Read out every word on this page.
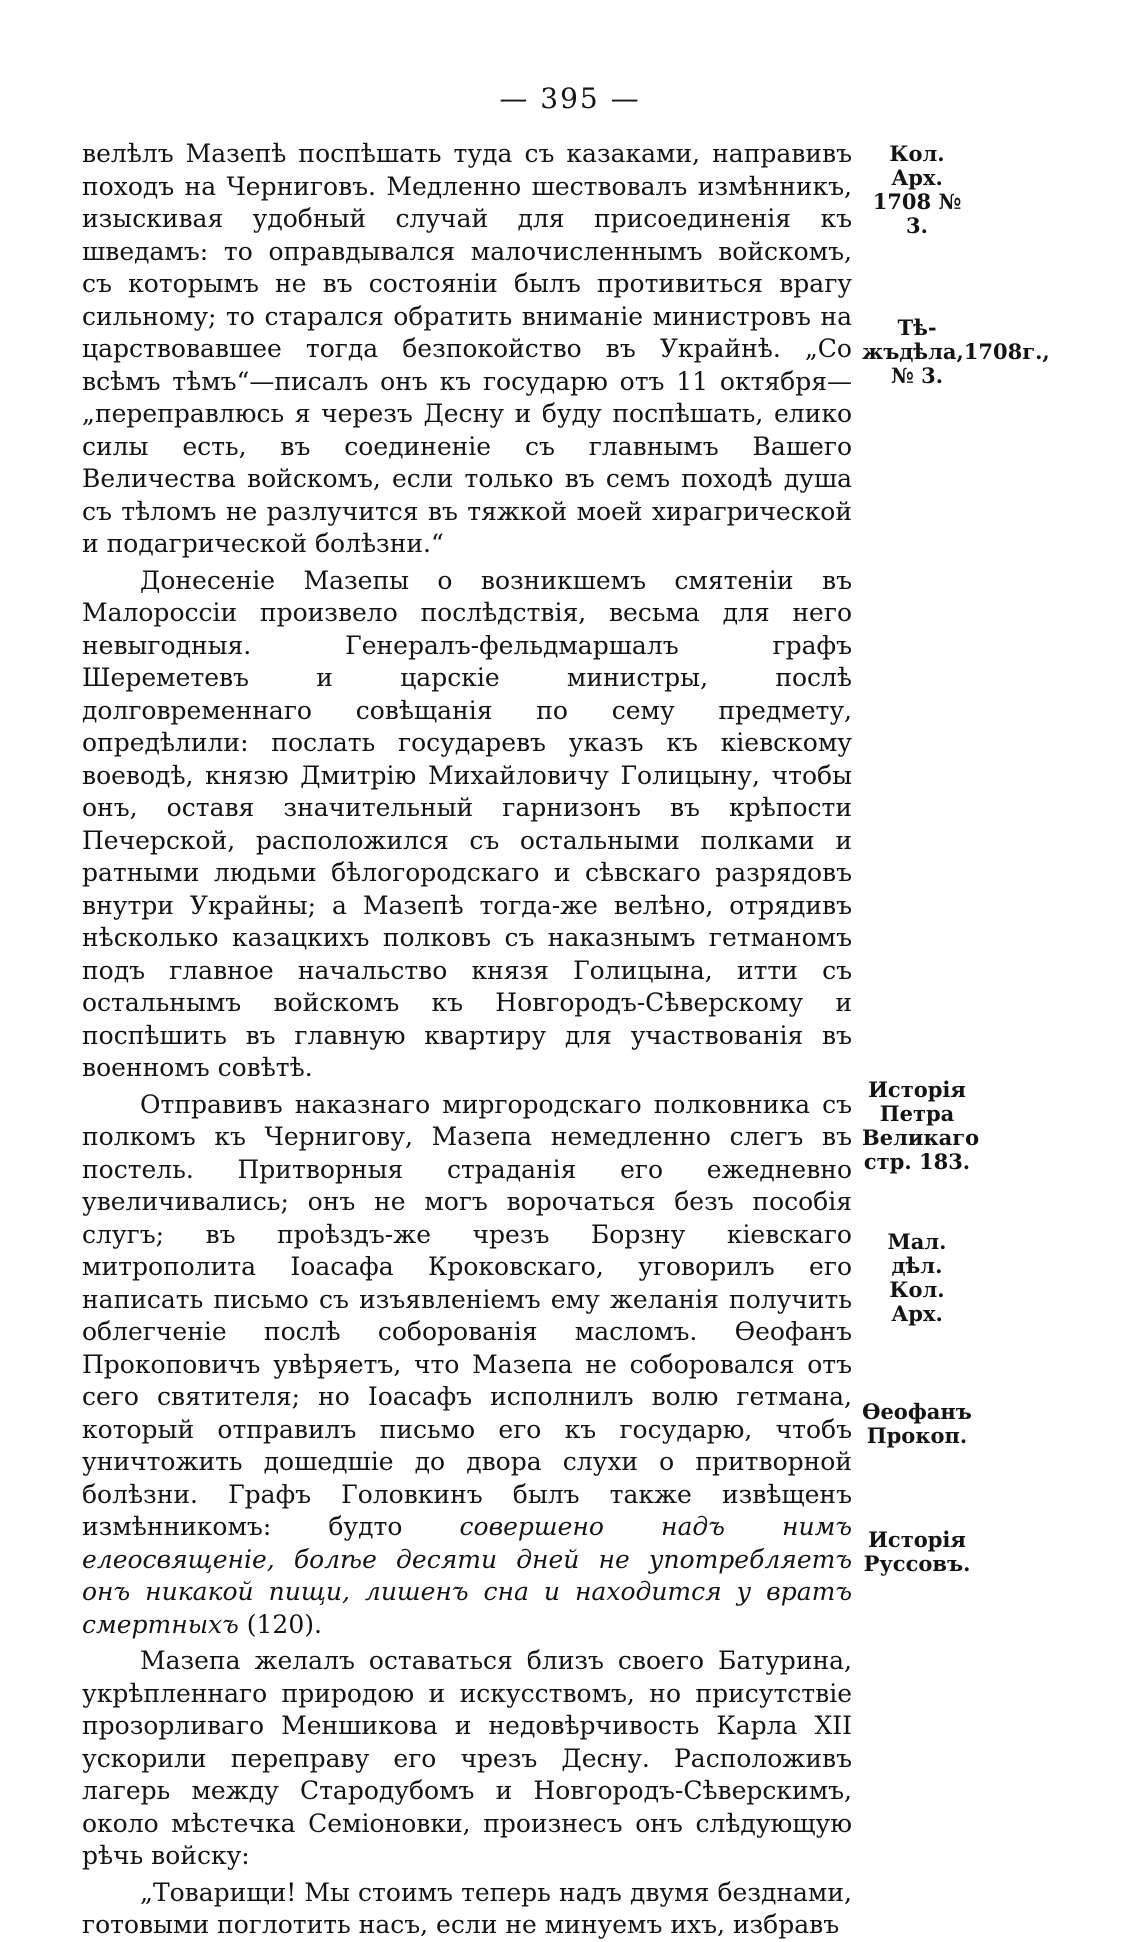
— 395 —

велѣлъ Мазепѣ поспѣшать туда съ казаками, направивъ походъ на Черниговъ. Медленно шествовалъ измѣнникъ, изыскивая удобный случай для присоединенія къ шведамъ: то оправдывался малочисленнымъ войскомъ, съ которымъ не въ состояніи былъ противиться врагу сильному; то старался обратить вниманіе министровъ на царствовавшее тогда безпокойство въ Украйнѣ. „Со всѣмъ тѣмъ“—писалъ онъ къ государю отъ 11 октября—„переправлюсь я черезъ Десну и буду поспѣшать, елико силы есть, въ соединеніе съ главнымъ Вашего Величества войскомъ, если только въ семъ походѣ душа съ тѣломъ не разлучится въ тяжкой моей хирагрической и подагрической болѣзни.“

Донесеніе Мазепы о возникшемъ смятеніи въ Малороссіи произвело послѣдствія, весьма для него невыгодныя. Генералъ-фельдмаршалъ графъ Шереметевъ и царскіе министры, послѣ долговременнаго совѣщанія по сему предмету, опредѣлили: послать государевъ указъ къ кіевскому воеводѣ, князю Дмитрію Михайловичу Голицыну, чтобы онъ, оставя значительный гарнизонъ въ крѣпости Печерской, расположился съ остальными полками и ратными людьми бѣлогородскаго и сѣвскаго разрядовъ внутри Украйны; а Мазепѣ тогда-же велѣно, отрядивъ нѣсколько казацкихъ полковъ съ наказнымъ гетманомъ подъ главное начальство князя Голицына, итти съ остальнымъ войскомъ къ Новгородъ-Сѣверскому и поспѣшить въ главную квартиру для участвованія въ военномъ совѣтѣ.

Отправивъ наказнаго миргородскаго полковника съ полкомъ къ Чернигову, Мазепа немедленно слегъ въ постель. Притворныя страданія его ежедневно увеличивались; онъ не могъ ворочаться безъ пособія слугъ; въ проѣздъ-же чрезъ Борзну кіевскаго митрополита Іоасафа Кроковскаго, уговорилъ его написать письмо съ изъявленіемъ ему желанія получить облегченіе послѣ соборованія масломъ. Ѳеофанъ Прокоповичъ увѣряетъ, что Мазепа не соборовался отъ сего святителя; но Іоасафъ исполнилъ волю гетмана, который отправилъ письмо его къ государю, чтобъ уничтожить дошедшіе до двора слухи о притворной болѣзни. Графъ Головкинъ былъ также извѣщенъ измѣнникомъ: будто совершено надъ нимъ елеосвященіе, болѣе десяти дней не употребляетъ онъ никакой пищи, лишенъ сна и находится у вратъ смертныхъ (120).

Мазепа желалъ оставаться близъ своего Батурина, укрѣпленнаго природою и искусствомъ, но присутствіе прозорливаго Меншикова и недовѣрчивость Карла XII ускорили переправу его чрезъ Десну. Расположивъ лагерь между Стародубомъ и Новгородъ-Сѣверскимъ, около мѣстечка Семіоновки, произнесъ онъ слѣдующую рѣчь войску:

„Товарищи! Мы стоимъ теперь надъ двумя безднами, готовыми поглотить насъ, если не минуемъ ихъ, избравъ

Кол. Арх.
1708 № 3.
Тѣ-жъдѣла,1708г.,
№ 3.
Исторія
Петра
Великаго
стр. 183.
Мал. дѣл.
Кол. Арх.
Ѳеофанъ
Прокоп.
Исторія
Руссовъ.
